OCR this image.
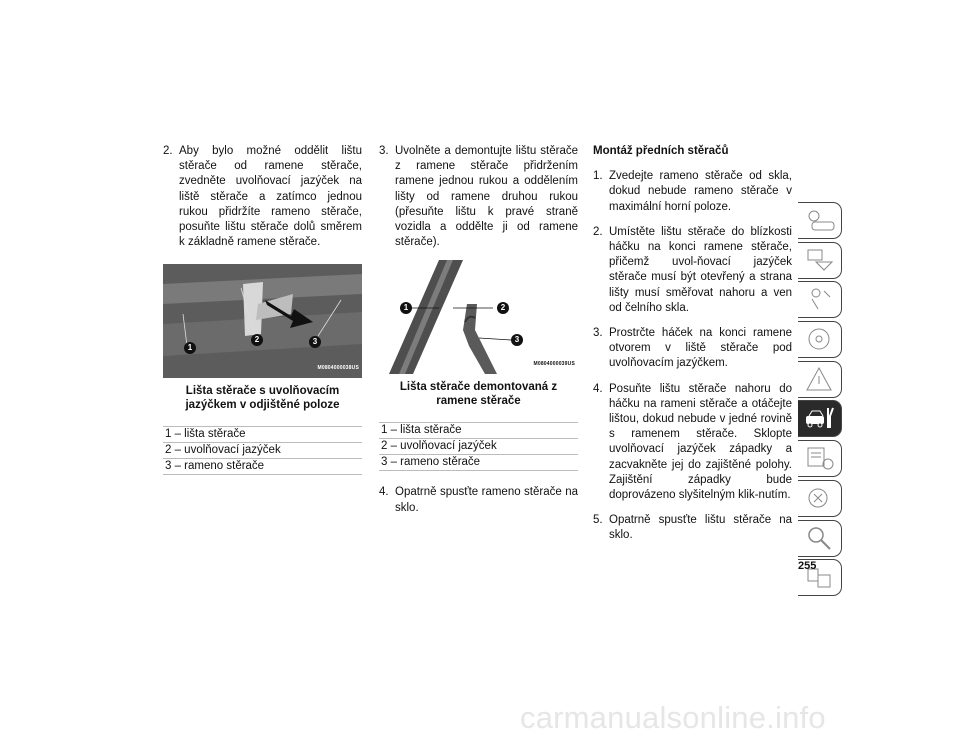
2. Aby bylo možné oddělit lištu stěrače od ramene stěrače, zvedněte uvolňovací jazýček na liště stěrače a zatímco jednou rukou přidržíte rameno stěrače, posuňte lištu stěrače dolů směrem k základně ramene stěrače.
1
2	3
M0804000038US
Lišta stěrače s uvolňovacím jazýčkem v odjištěné poloze
1 – lišta stěrače
2 – uvolňovací jazýček
3 – rameno stěrače
3. Uvolněte a demontujte lištu stěrače z ramene stěrače přidržením ramene jednou rukou a oddělením lišty od ramene druhou rukou (přesuňte lištu k pravé straně vozidla a oddělte ji od ramene stěrače).
1	2
3
M0804000039US
Lišta stěrače demontovaná z ramene stěrače
1 – lišta stěrače
2 – uvolňovací jazýček
3 – rameno stěrače
4. Opatrně spusťte rameno stěrače na sklo.
Montáž předních stěračů
1. Zvedejte rameno stěrače od skla, dokud nebude rameno stěrače v maximální horní poloze.
2. Umístěte lištu stěrače do blízkosti háčku na konci ramene stěrače, přičemž uvol-ňovací jazýček stěrače musí být otevřený a strana lišty musí směřovat nahoru a ven od čelního skla.
3. Prostrčte háček na konci ramene otvorem v liště stěrače pod uvolňovacím jazýčkem.
4. Posuňte lištu stěrače nahoru do háčku na rameni stěrače a otáčejte lištou, dokud nebude v jedné rovině s ramenem stěrače. Sklopte uvolňovací jazýček západky a zacvakněte jej do zajištěné polohy. Zajištění západky bude doprovázeno slyšitelným klik-nutím.
5. Opatrně spusťte lištu stěrače na sklo.
255
carmanualsonline.info
